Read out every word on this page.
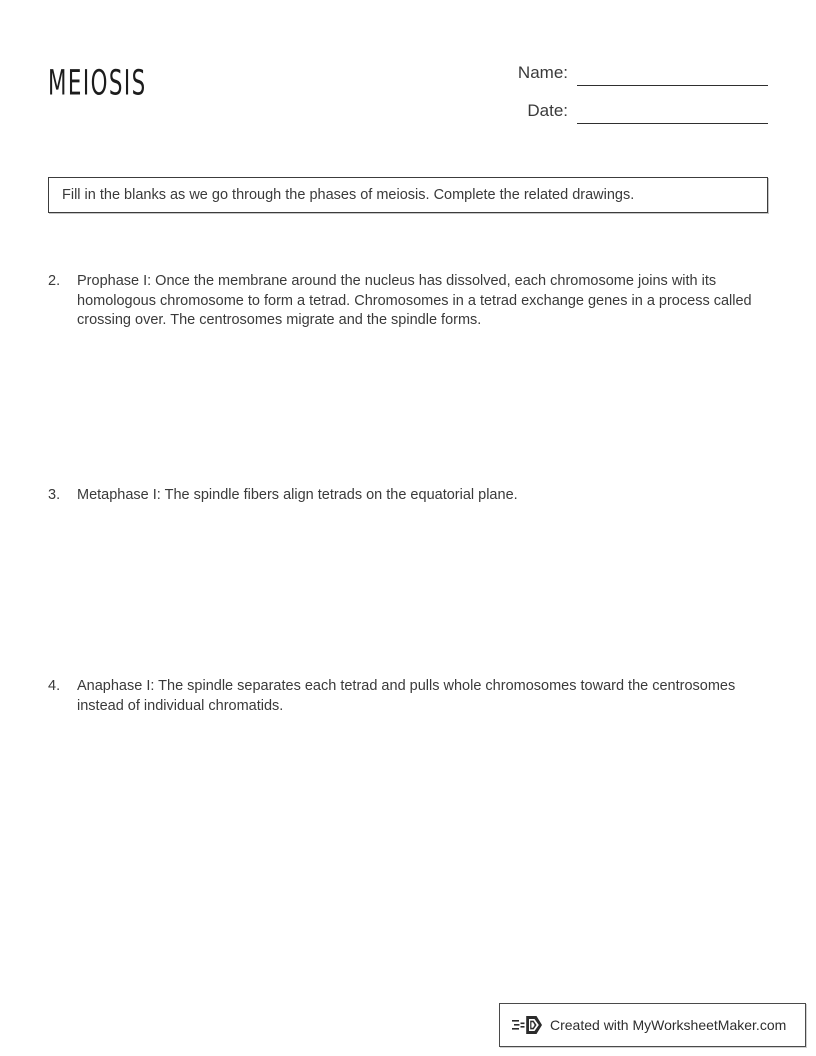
meiosis	Name:
Date:
Fill in the blanks as we go through the phases of meiosis. Complete the related drawings.
2.	Prophase I: Once the membrane around the nucleus has dissolved, each chromosome joins with its homologous chromosome to form a tetrad. Chromosomes in a tetrad exchange genes in a process called crossing over. The centrosomes migrate and the spindle forms.
3.	Metaphase I: The spindle fibers align tetrads on the equatorial plane.
4.	Anaphase I: The spindle separates each tetrad and pulls whole chromosomes toward the centrosomes instead of individual chromatids.
Created with MyWorksheetMaker.com
